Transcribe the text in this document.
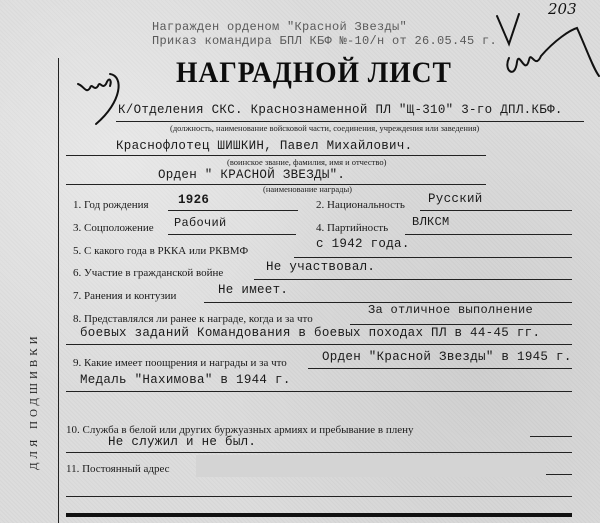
Награжден орденом "Красной Звезды"
Приказ командира БПЛ КБФ №-10/н от 26.05.45 г.
203
НАГРАДНОЙ ЛИСТ
ДЛЯ ПОДШИВКИ
К/Отделения СКС. Краснознаменной ПЛ "Щ-310" 3-го ДПЛ.КБФ.
(должность, наименование войсковой части, соединения, учреждения или заведения)
Краснофлотец ШИШКИН, Павел Михайлович.
(воинское звание, фамилия, имя и отчество)
Орден " КРАСНОЙ ЗВЕЗДЫ".
(наименование награды)
1. Год рождения 1926	2. Национальность Русский
3. Соцположение Рабочий	4. Партийность ВЛКСМ
5. С какого года в РККА или РКВМФ	с 1942 года.
6. Участие в гражданской войне	Не участвовал.
7. Ранения и контузии	Не имеет.
8. Представлялся ли ранее к награде, когда и за что
За отличное выполнение
боевых заданий Командования в боевых походах ПЛ в 44-45 гг.
9. Какие имеет поощрения и награды и за что	Орден "Красной Звезды" в 1945 г.
Медаль "Нахимова" в 1944 г.
10. Служба в белой или других буржуазных армиях и пребывание в плену
Не служил и не был.
11. Постоянный адрес
